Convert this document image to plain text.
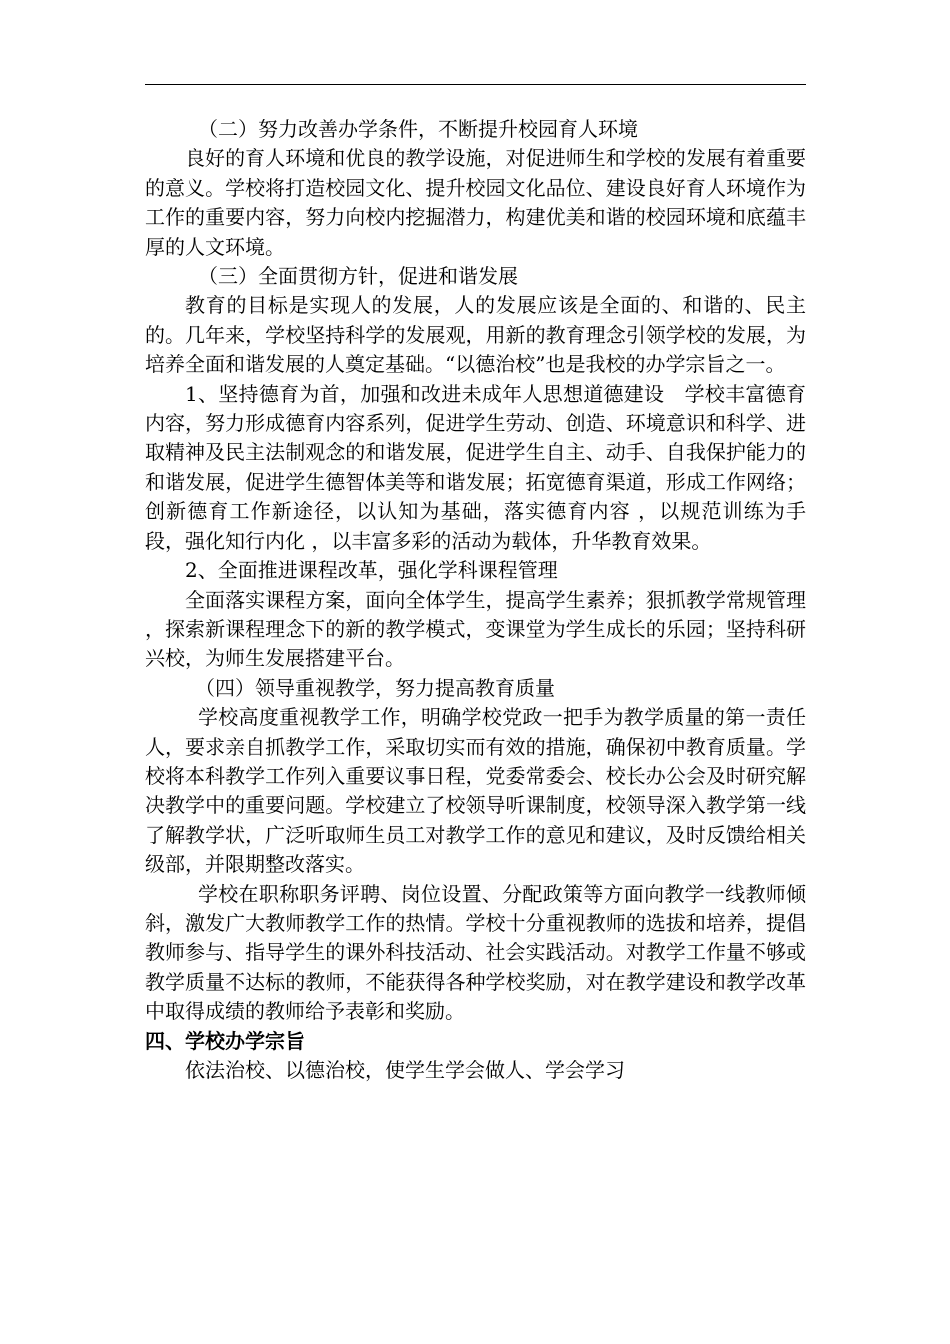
（二）努力改善办学条件，不断提升校园育人环境

良好的育人环境和优良的教学设施，对促进师生和学校的发展有着重要的意义。学校将打造校园文化、提升校园文化品位、建设良好育人环境作为工作的重要内容，努力向校内挖掘潜力，构建优美和谐的校园环境和底蕴丰厚的人文环境。

（三）全面贯彻方针，促进和谐发展

教育的目标是实现人的发展，人的发展应该是全面的、和谐的、民主的。几年来，学校坚持科学的发展观，用新的教育理念引领学校的发展，为培养全面和谐发展的人奠定基础。“以德治校”也是我校的办学宗旨之一。

1、坚持德育为首，加强和改进未成年人思想道德建设　学校丰富德育内容，努力形成德育内容系列，促进学生劳动、创造、环境意识和科学、进取精神及民主法制观念的和谐发展，促进学生自主、动手、自我保护能力的和谐发展，促进学生德智体美等和谐发展；拓宽德育渠道，形成工作网络；创新德育工作新途径，以认知为基础，落实德育内容 ，以规范训练为手段，强化知行内化 ，以丰富多彩的活动为载体，升华教育效果。

2、全面推进课程改革，强化学科课程管理

全面落实课程方案，面向全体学生，提高学生素养；狠抓教学常规管理 ，探索新课程理念下的新的教学模式，变课堂为学生成长的乐园；坚持科研兴校，为师生发展搭建平台。

（四）领导重视教学，努力提高教育质量

学校高度重视教学工作，明确学校党政一把手为教学质量的第一责任人，要求亲自抓教学工作，采取切实而有效的措施，确保初中教育质量。学校将本科教学工作列入重要议事日程，党委常委会、校长办公会及时研究解决教学中的重要问题。学校建立了校领导听课制度，校领导深入教学第一线了解教学状，广泛听取师生员工对教学工作的意见和建议，及时反馈给相关级部，并限期整改落实。

学校在职称职务评聘、岗位设置、分配政策等方面向教学一线教师倾斜，激发广大教师教学工作的热情。学校十分重视教师的选拔和培养，提倡教师参与、指导学生的课外科技活动、社会实践活动。对教学工作量不够或教学质量不达标的教师，不能获得各种学校奖励，对在教学建设和教学改革中取得成绩的教师给予表彰和奖励。

四、学校办学宗旨

依法治校、以德治校，使学生学会做人、学会学习
